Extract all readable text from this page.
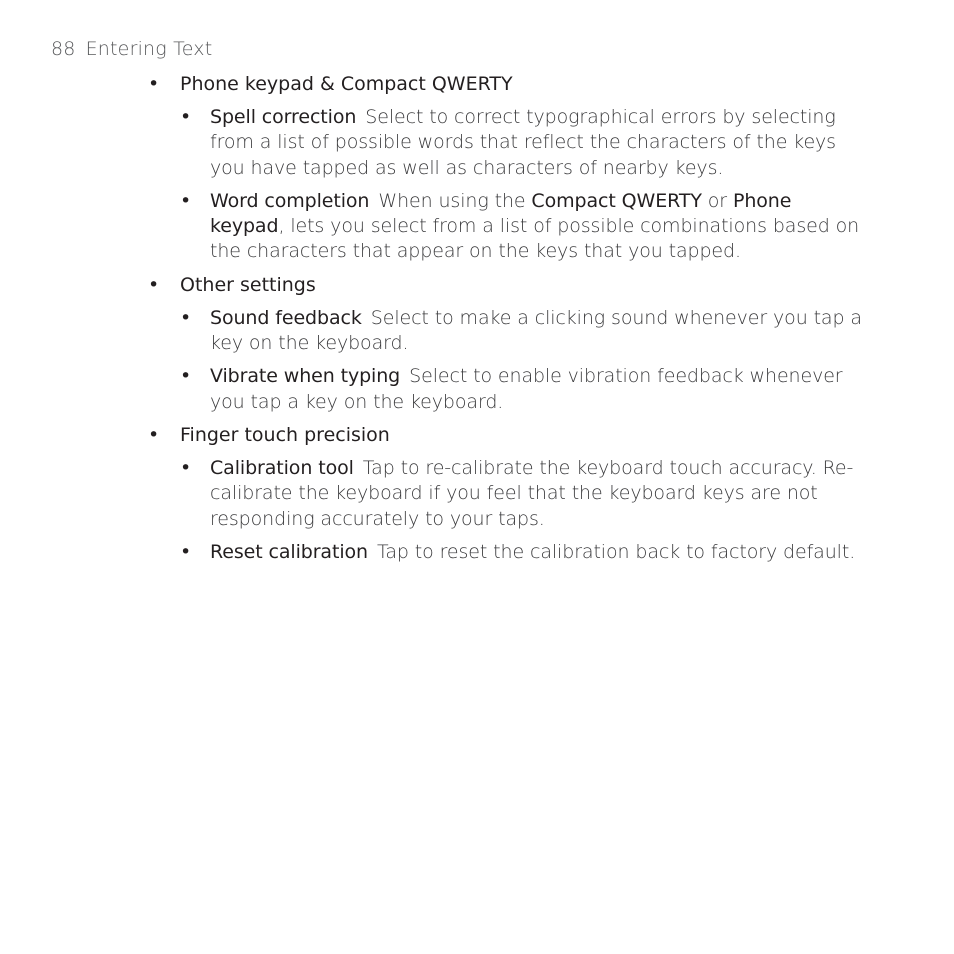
88 Entering Text
• Phone keypad & Compact QWERTY
• Spell correction Select to correct typographical errors by selecting from a list of possible words that reflect the characters of the keys you have tapped as well as characters of nearby keys.
• Word completion When using the Compact QWERTY or Phone keypad, lets you select from a list of possible combinations based on the characters that appear on the keys that you tapped.
• Other settings
• Sound feedback Select to make a clicking sound whenever you tap a key on the keyboard.
• Vibrate when typing Select to enable vibration feedback whenever you tap a key on the keyboard.
• Finger touch precision
• Calibration tool Tap to re-calibrate the keyboard touch accuracy. Re-calibrate the keyboard if you feel that the keyboard keys are not responding accurately to your taps.
• Reset calibration Tap to reset the calibration back to factory default.
